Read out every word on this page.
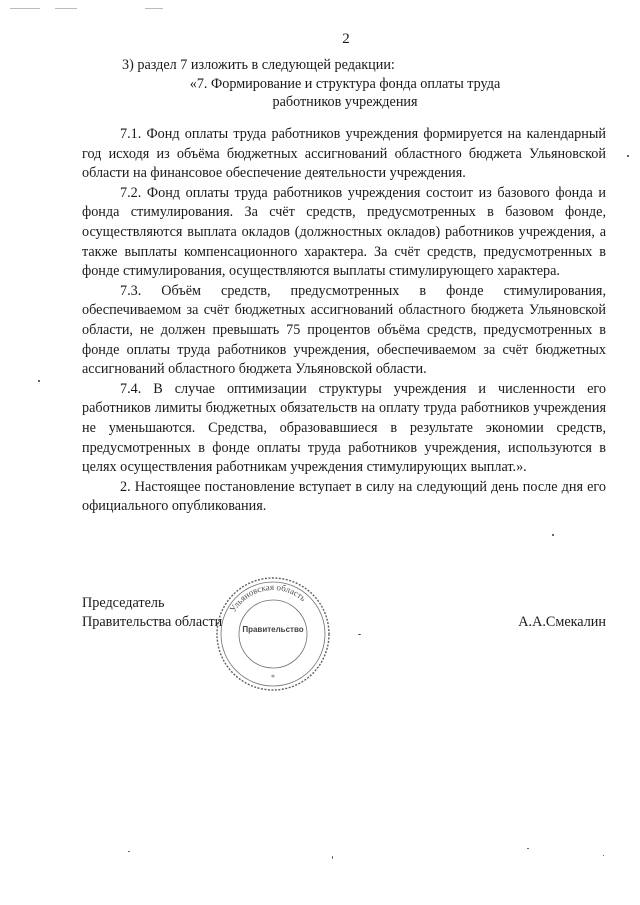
2
3) раздел 7 изложить в следующей редакции:
«7. Формирование и структура фонда оплаты труда
работников учреждения

7.1. Фонд оплаты труда работников учреждения формируется на календарный год исходя из объёма бюджетных ассигнований областного бюджета Ульяновской области на финансовое обеспечение деятельности учреждения.

7.2. Фонд оплаты труда работников учреждения состоит из базового фонда и фонда стимулирования. За счёт средств, предусмотренных в базовом фонде, осуществляются выплата окладов (должностных окладов) работников учреждения, а также выплаты компенсационного характера. За счёт средств, предусмотренных в фонде стимулирования, осуществляются выплаты стимулирующего характера.

7.3. Объём средств, предусмотренных в фонде стимулирования, обеспечиваемом за счёт бюджетных ассигнований областного бюджета Ульяновской области, не должен превышать 75 процентов объёма средств, предусмотренных в фонде оплаты труда работников учреждения, обеспечиваемом за счёт бюджетных ассигнований областного бюджета Ульяновской области.

7.4. В случае оптимизации структуры учреждения и численности его работников лимиты бюджетных обязательств на оплату труда работников учреждения не уменьшаются. Средства, образовавшиеся в результате экономии средств, предусмотренных в фонде оплаты труда работников учреждения, используются в целях осуществления работникам учреждения стимулирующих выплат.».

2. Настоящее постановление вступает в силу на следующий день после дня его официального опубликования.

Ульяновская область
*
Правительство
Председатель
Правительства области	А.А.Смекалин
